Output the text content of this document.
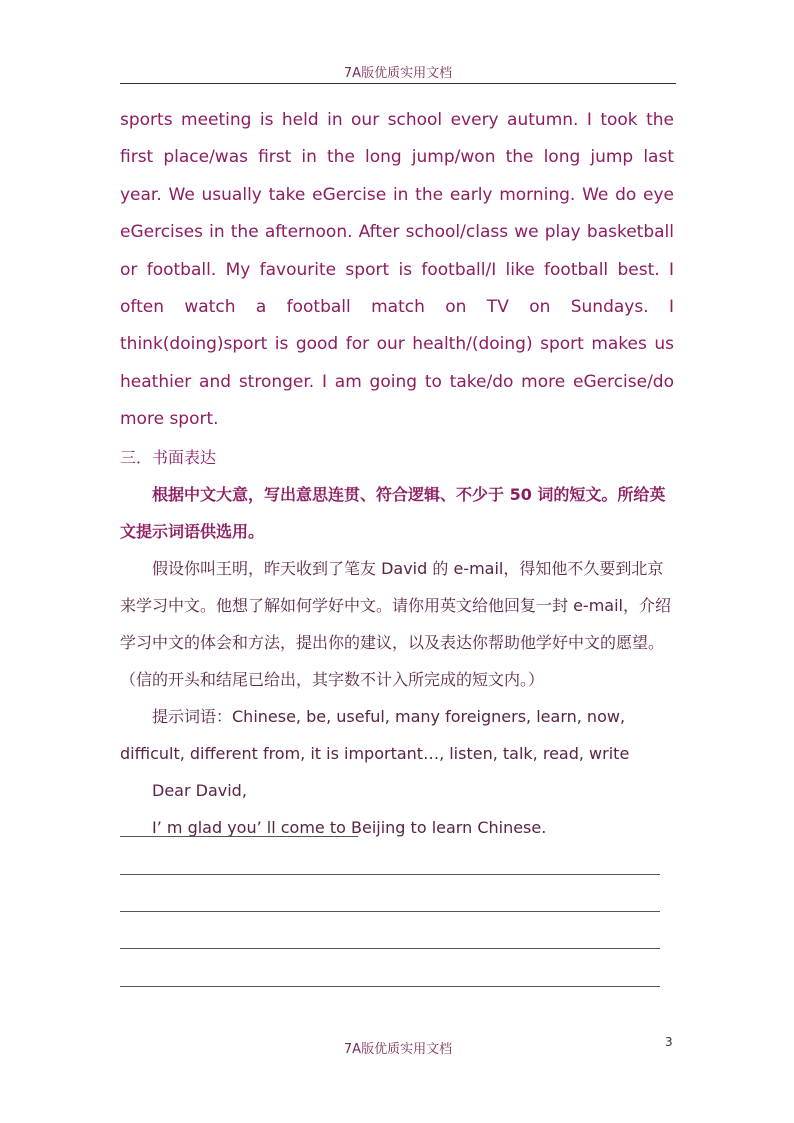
7A版优质实用文档

sports meeting is held in our school every autumn. I took the first place/was first in the long jump/won the long jump last year. We usually take eGercise in the early morning. We do eye eGercises in the afternoon. After school/class we play basketball or football. My favourite sport is football/I like football best. I often watch a football match on TV on Sundays. I think(doing)sport is good for our health/(doing) sport makes us heathier and stronger. I am going to take/do more eGercise/do more sport.

三．书面表达

根据中文大意，写出意思连贯、符合逻辑、不少于 50 词的短文。所给英文提示词语供选用。

假设你叫王明，昨天收到了笔友 David 的 e-mail，得知他不久要到北京来学习中文。他想了解如何学好中文。请你用英文给他回复一封 e-mail，介绍学习中文的体会和方法，提出你的建议，以及表达你帮助他学好中文的愿望。（信的开头和结尾已给出，其字数不计入所完成的短文内。）

提示词语：Chinese, be, useful, many foreigners, learn, now, difficult, different from, it is important…, listen, talk, read, write

Dear David,

I’ m glad you’ ll come to Beijing to learn Chinese.

7A版优质实用文档	3
